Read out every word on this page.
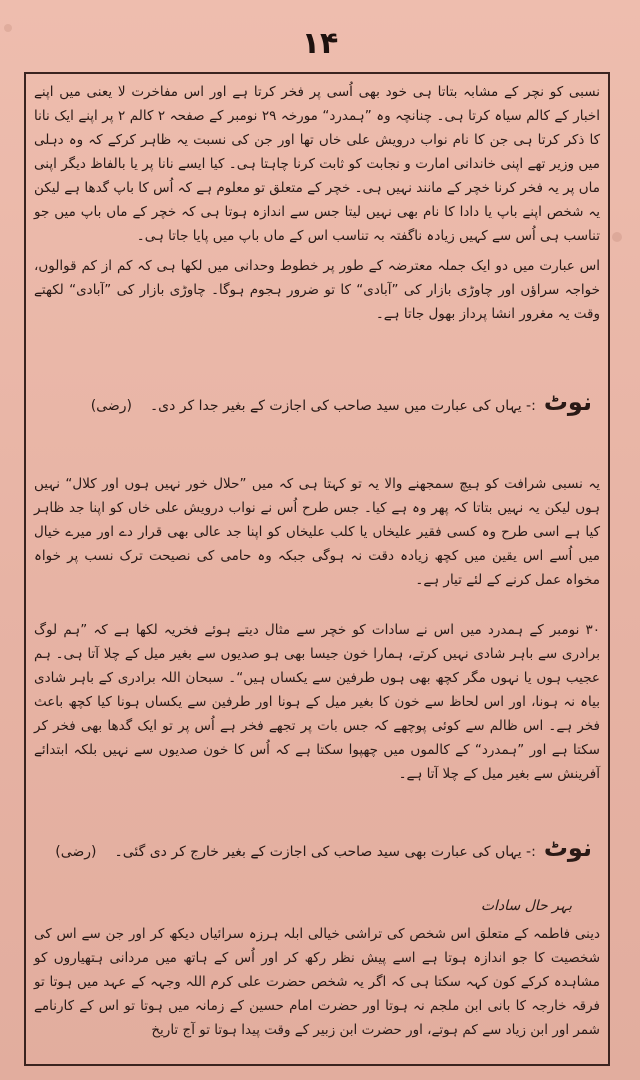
۱۴

نسبی کو نچر کے مشابہ بتاتا ہی خود بھی اُسی پر فخر کرتا ہے اور اس مفاخرت لا یعنی میں اپنے اخبار کے کالم سیاہ کرتا ہی۔ چنانچہ وہ ”ہمدرد“ مورخہ ۲۹ نومبر کے صفحہ ۲ کالم ۲ پر اپنے ایک نانا کا ذکر کرتا ہی جن کا نام نواب درویش علی خاں تھا اور جن کی نسبت یہ ظاہر کرکے کہ وہ دہلی میں وزیر تھے اپنی خاندانی امارت و نجابت کو ثابت کرنا چاہتا ہی۔ کیا ایسے نانا پر یا بالفاظ دیگر اپنی ماں پر یہ فخر کرنا خچر کے مانند نہیں ہی۔ خچر کے متعلق تو معلوم ہے کہ اُس کا باپ گدھا ہے لیکن یہ شخص اپنے باپ یا دادا کا نام بھی نہیں لیتا جس سے اندازہ ہوتا ہی کہ خچر کے ماں باپ میں جو تناسب ہی اُس سے کہیں زیادہ ناگفتہ بہ تناسب اس کے ماں باپ میں پایا جاتا ہی۔

اس عبارت میں دو ایک جملہ معترضہ کے طور پر خطوط وحدانی میں لکھا ہی کہ کم از کم قوالوں، خواجہ سراؤں اور چاوڑی بازار کی ”آبادی“ کا تو ضرور ہجوم ہوگا۔ چاوڑی بازار کی ”آبادی“ لکھتے وقت یہ مغرور انشا پرداز بھول جاتا ہے۔

نوٹ
:- یہاں کی عبارت میں سید صاحب کی اجازت کے بغیر جدا کر دی۔
(رضی)

یہ نسبی شرافت کو ہیچ سمجھنے والا یہ تو کہتا ہی کہ میں ”حلال خور نہیں ہوں اور کلال“ نہیں ہوں لیکن یہ نہیں بتاتا کہ پھر وہ ہے کیا۔ جس طرح اُس نے نواب درویش علی خاں کو اپنا جد ظاہر کیا ہے اسی طرح وہ کسی فقیر علیخاں یا کلب علیخاں کو اپنا جد عالی بھی قرار دے اور میرے خیال میں اُسے اس یقین میں کچھ زیادہ دقت نہ ہوگی جبکہ وہ حامی کی نصیحت ترک نسب پر خواہ مخواہ عمل کرنے کے لئے تیار ہے۔

۳۰ نومبر کے ہمدرد میں اس نے سادات کو خچر سے مثال دیتے ہوئے فخریہ لکھا ہے کہ ”ہم لوگ برادری سے باہر شادی نہیں کرتے، ہمارا خون جیسا بھی ہو صدیوں سے بغیر میل کے چلا آتا ہی۔ ہم عجیب ہوں یا نہوں مگر کچھ بھی ہوں طرفین سے یکساں ہیں“۔ سبحان اللہ برادری کے باہر شادی بیاہ نہ ہونا، اور اس لحاظ سے خون کا بغیر میل کے ہونا اور طرفین سے یکساں ہونا کیا کچھ باعث فخر ہے۔ اس ظالم سے کوئی پوچھے کہ جس بات پر تجھے فخر ہے اُس پر تو ایک گدھا بھی فخر کر سکتا ہے اور ”ہمدرد“ کے کالموں میں چھپوا سکتا ہے کہ اُس کا خون صدیوں سے نہیں بلکہ ابتدائے آفرینش سے بغیر میل کے چلا آتا ہے۔

نوٹ
:- یہاں کی عبارت بھی سید صاحب کی اجازت کے بغیر خارج کر دی گئی۔
(رضی)
بہر حال سادات

دینی فاطمہ کے متعلق اس شخص کی تراشی خیالی ابلہ ہرزہ سرائیاں دیکھ کر اور جن سے اس کی شخصیت کا جو اندازہ ہوتا ہے اسے پیش نظر رکھ کر اور اُس کے ہاتھ میں مردانی ہتھیاروں کو مشاہدہ کرکے کون کہہ سکتا ہی کہ اگر یہ شخص حضرت علی کرم اللہ وجہہ کے عہد میں ہوتا تو فرقہ خارجہ کا بانی ابن ملجم نہ ہوتا اور حضرت امام حسین کے زمانہ میں ہوتا تو اس کے کارنامے شمر اور ابن زیاد سے کم ہوتے، اور حضرت ابن زبیر کے وقت پیدا ہوتا تو آج تاریخ
